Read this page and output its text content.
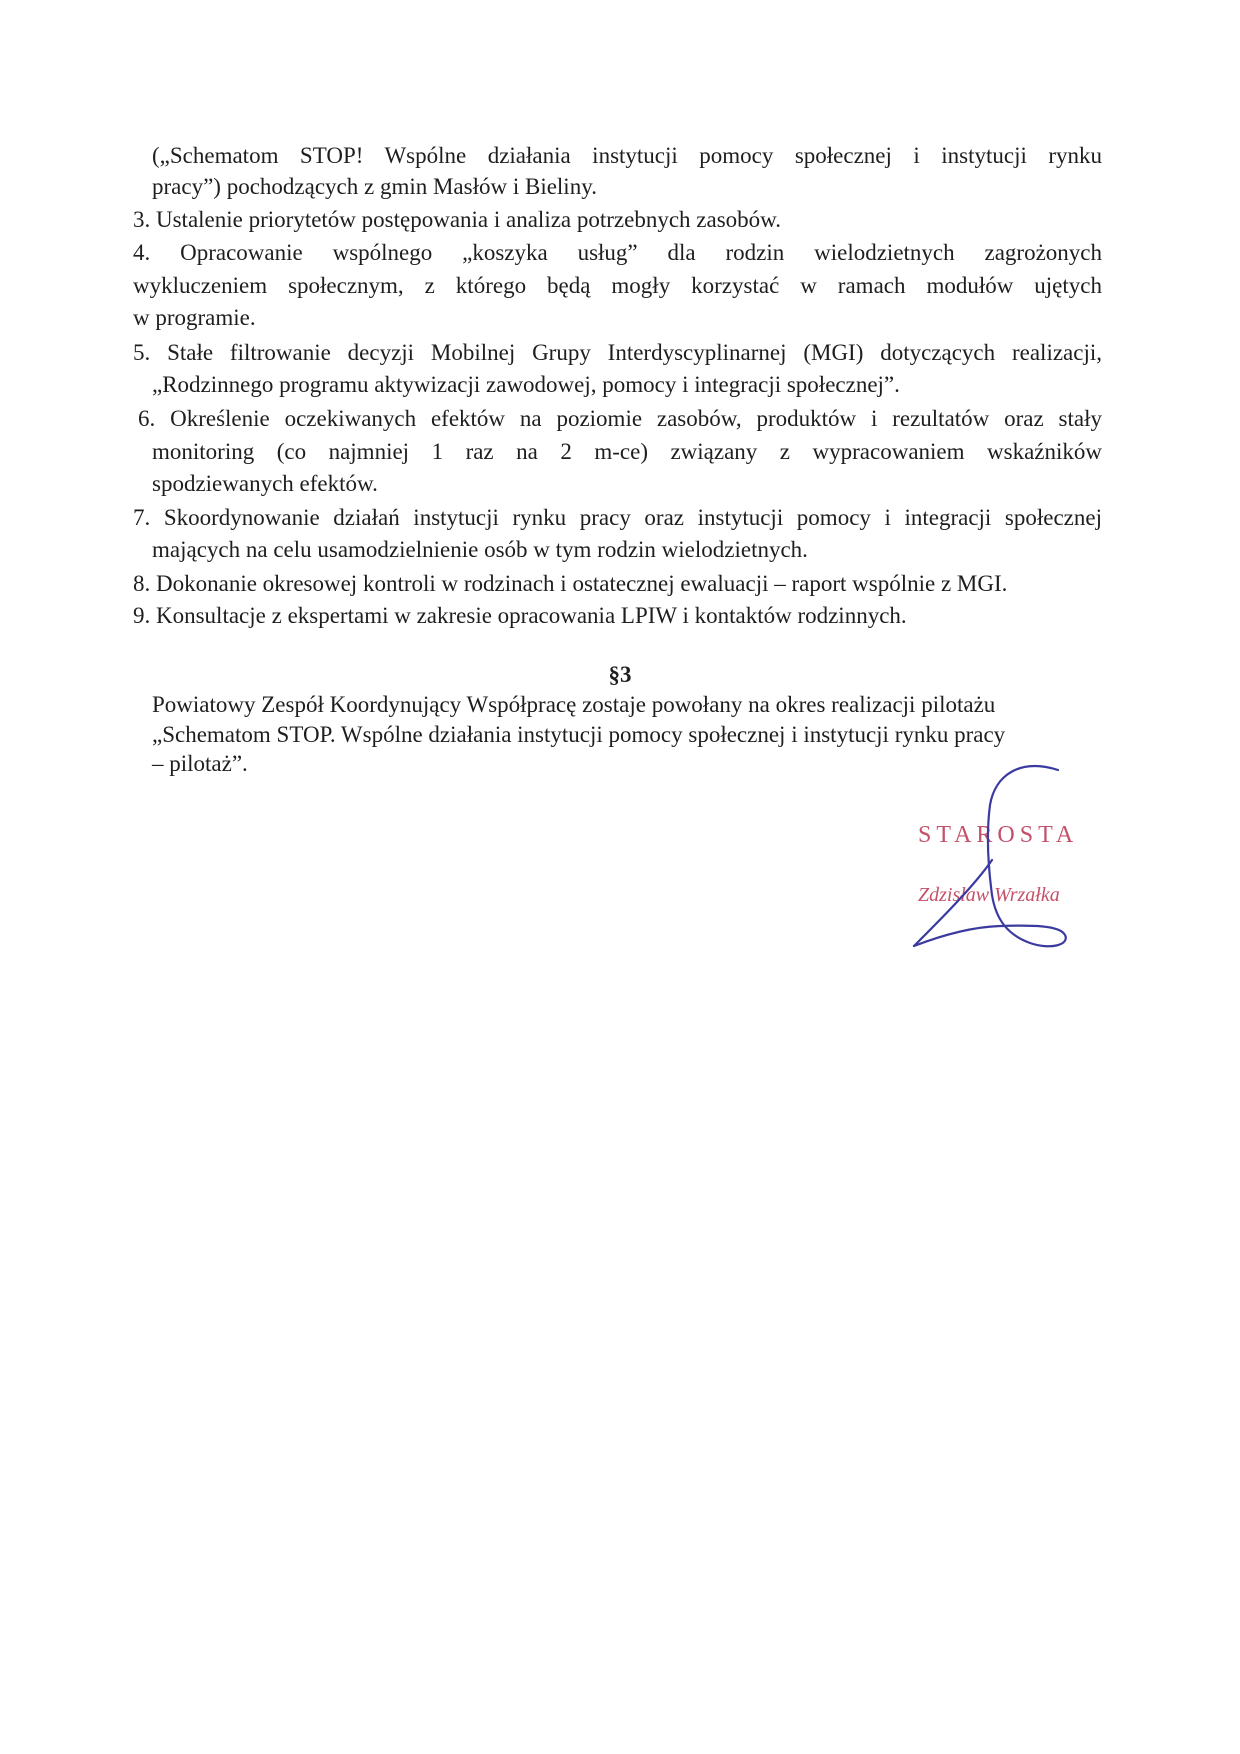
(„Schematom STOP! Wspólne działania instytucji pomocy społecznej i instytucji rynku
pracy”) pochodzących z gmin Masłów i Bieliny.
3. Ustalenie priorytetów postępowania i analiza potrzebnych zasobów.
4. Opracowanie wspólnego „koszyka usług” dla rodzin wielodzietnych zagrożonych
wykluczeniem społecznym, z którego będą mogły korzystać w ramach modułów ujętych
w programie.
5. Stałe filtrowanie decyzji Mobilnej Grupy Interdyscyplinarnej (MGI) dotyczących realizacji,
„Rodzinnego programu aktywizacji zawodowej, pomocy i integracji społecznej”.
6. Określenie oczekiwanych efektów na poziomie zasobów, produktów i rezultatów oraz stały
monitoring (co najmniej 1 raz na 2 m-ce) związany z wypracowaniem wskaźników
spodziewanych efektów.
7. Skoordynowanie działań instytucji rynku pracy oraz instytucji pomocy i integracji społecznej
mających na celu usamodzielnienie osób w tym rodzin wielodzietnych.
8. Dokonanie okresowej kontroli w rodzinach i ostatecznej ewaluacji – raport wspólnie z MGI.
9. Konsultacje z ekspertami w zakresie opracowania LPIW i kontaktów rodzinnych.
§3
Powiatowy Zespół Koordynujący Współpracę zostaje powołany na okres realizacji pilotażu
„Schematom STOP. Wspólne działania instytucji pomocy społecznej i instytucji rynku pracy
– pilotaż”.
STAROSTA
Zdzisław Wrzałka
